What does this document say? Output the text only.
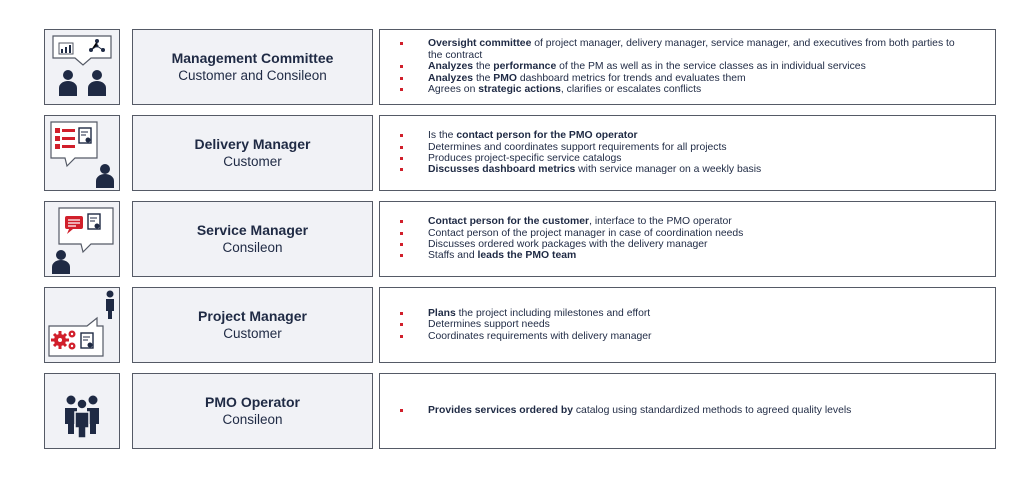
Management Committee
Customer and Consileon
Oversight committee of project manager, delivery manager, service manager, and executives from both parties to the contract
Analyzes the performance of the PM as well as in the service classes as in individual services
Analyzes the PMO dashboard metrics for trends and evaluates them
Agrees on strategic actions, clarifies or escalates conflicts
Delivery Manager
Customer
Is the contact person for the PMO operator
Determines and coordinates support requirements for all projects
Produces project-specific service catalogs
Discusses dashboard metrics with service manager on a weekly basis
Service Manager
Consileon
Contact person for the customer, interface to the PMO operator
Contact person of the project manager in case of coordination needs
Discusses ordered work packages with the delivery manager
Staffs and leads the PMO team
Project Manager
Customer
Plans the project including milestones and effort
Determines support needs
Coordinates requirements with delivery manager
PMO Operator
Consileon
Provides services ordered by catalog using standardized methods to agreed quality levels
